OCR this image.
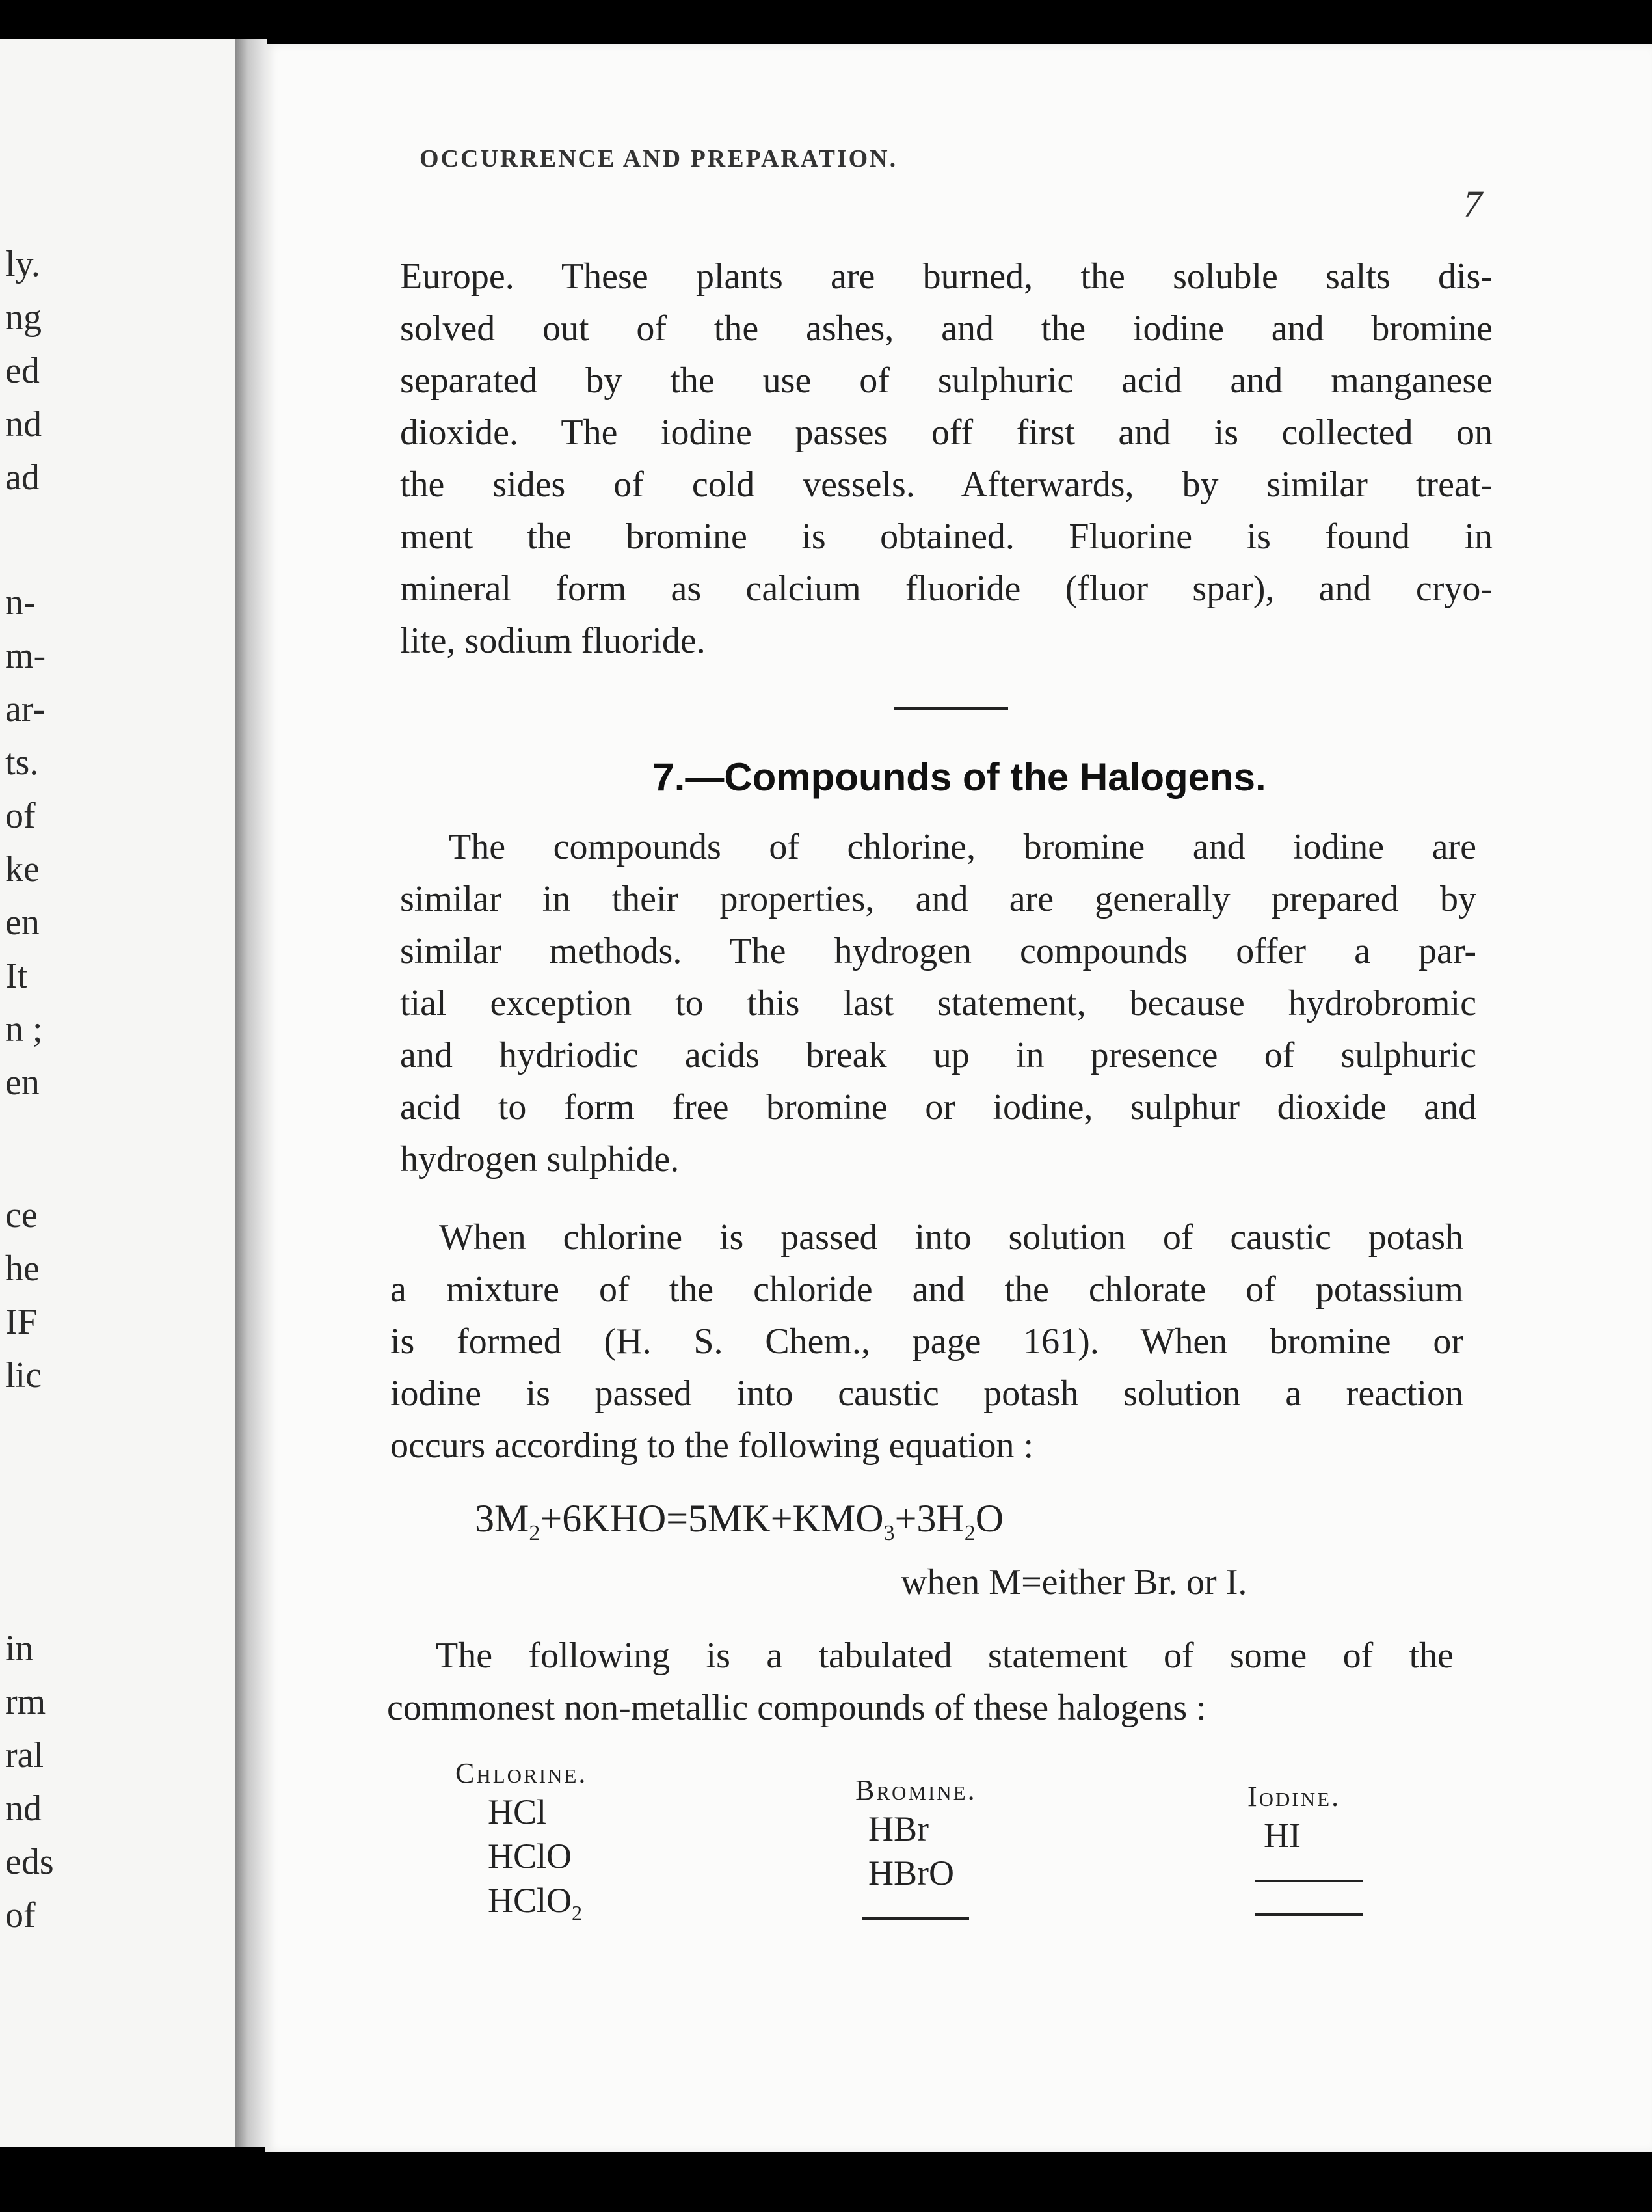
ly.
ng
ed
nd
ad
n-
m-
ar-
ts.
of
ke
en
It
n ;
en
ce
he
IF
lic
in
rm
ral
nd
eds
of
OCCURRENCE AND PREPARATION.
7
Europe. These plants are burned, the soluble salts dis-
solved out of the ashes, and the iodine and bromine
separated by the use of sulphuric acid and manganese
dioxide. The iodine passes off first and is collected on
the sides of cold vessels. Afterwards, by similar treat-
ment the bromine is obtained. Fluorine is found in
mineral form as calcium fluoride (fluor spar), and cryo-
lite, sodium fluoride.
7.—Compounds of the Halogens.
The compounds of chlorine, bromine and iodine are
similar in their properties, and are generally prepared by
similar methods. The hydrogen compounds offer a par-
tial exception to this last statement, because hydrobromic
and hydriodic acids break up in presence of sulphuric
acid to form free bromine or iodine, sulphur dioxide and
hydrogen sulphide.
When chlorine is passed into solution of caustic potash
a mixture of the chloride and the chlorate of potassium
is formed (H. S. Chem., page 161). When bromine or
iodine is passed into caustic potash solution a reaction
occurs according to the following equation :
$3M_2+6KHO=5MK+KMO_3+3H_2O$
when M=either Br. or I.
The following is a tabulated statement of some of the
commonest non-metallic compounds of these halogens :
Chlorine.
HCl
HClO
HClO$_2$
Bromine.
HBr
HBrO
Iodine.
HI
